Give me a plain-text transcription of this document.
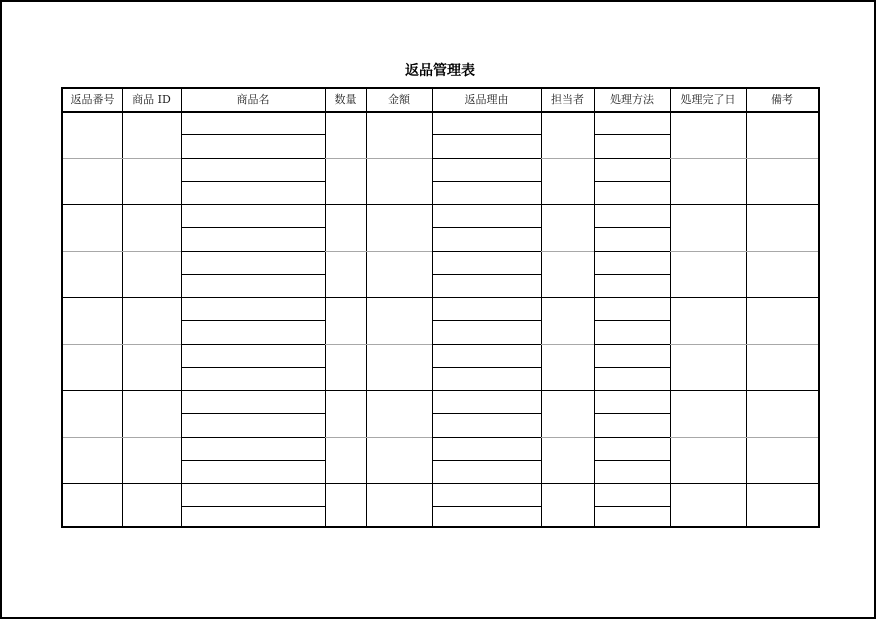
返品管理表
返品番号	商品 ID	商品名	数量	金額	返品理由	担当者	処理方法	処理完了日	備考
